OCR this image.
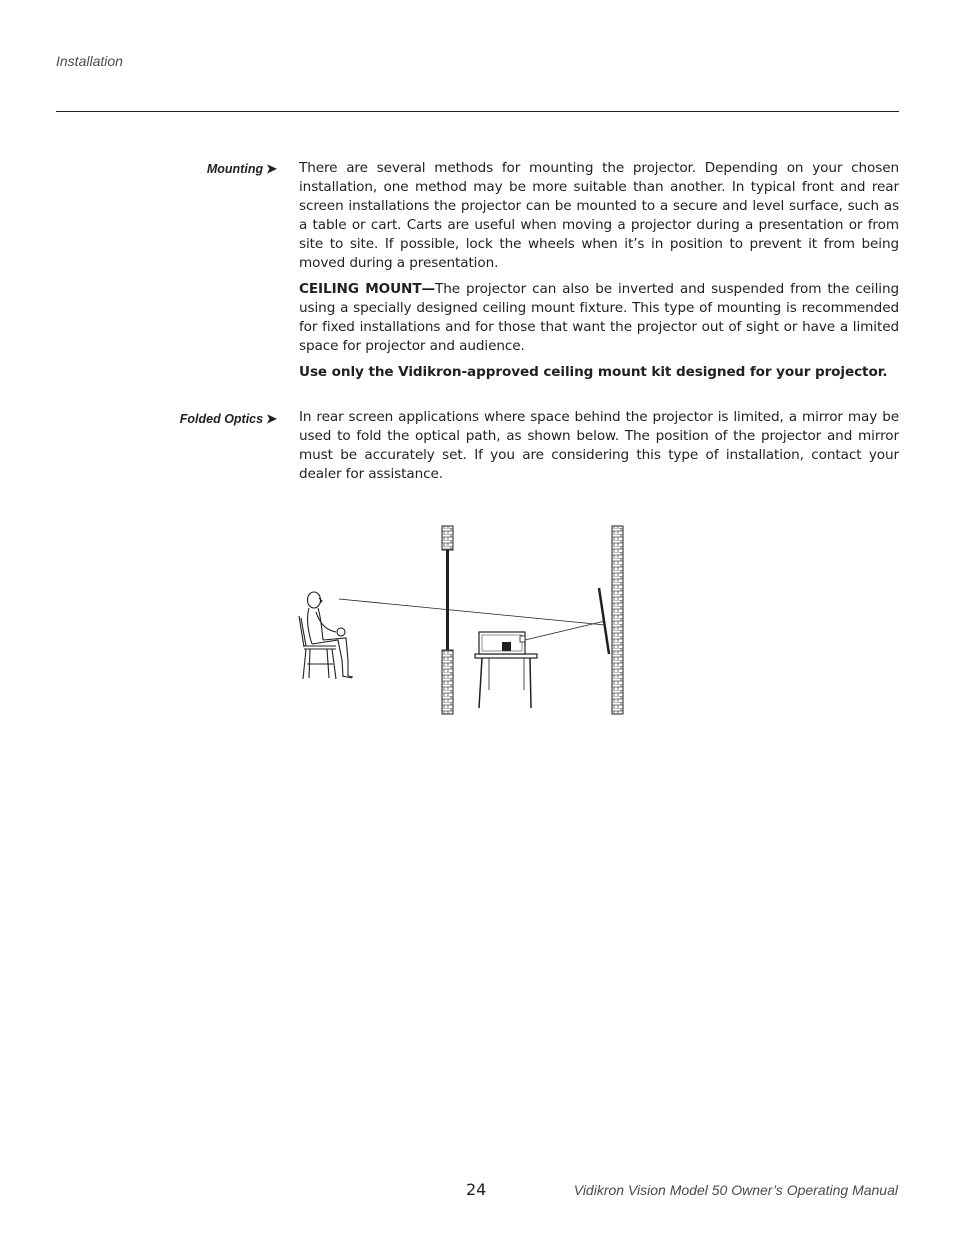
Installation
Mounting ➤ There are several methods for mounting the projector. Depending on your chosen installation, one method may be more suitable than another. In typical front and rear screen installations the projector can be mounted to a secure and level surface, such as a table or cart. Carts are useful when moving a projector during a presentation or from site to site. If possible, lock the wheels when it’s in position to prevent it from being moved during a presentation.

CEILING MOUNT—The projector can also be inverted and suspended from the ceiling using a specially designed ceiling mount fixture. This type of mounting is recommended for fixed installations and for those that want the projector out of sight or have a limited space for projector and audience.

Use only the Vidikron-approved ceiling mount kit designed for your projector.

Folded Optics ➤ In rear screen applications where space behind the projector is limited, a mirror may be used to fold the optical path, as shown below. The position of the projector and mirror must be accurately set. If you are considering this type of installation, contact your dealer for assistance.

24	Vidikron Vision Model 50 Owner’s Operating Manual
